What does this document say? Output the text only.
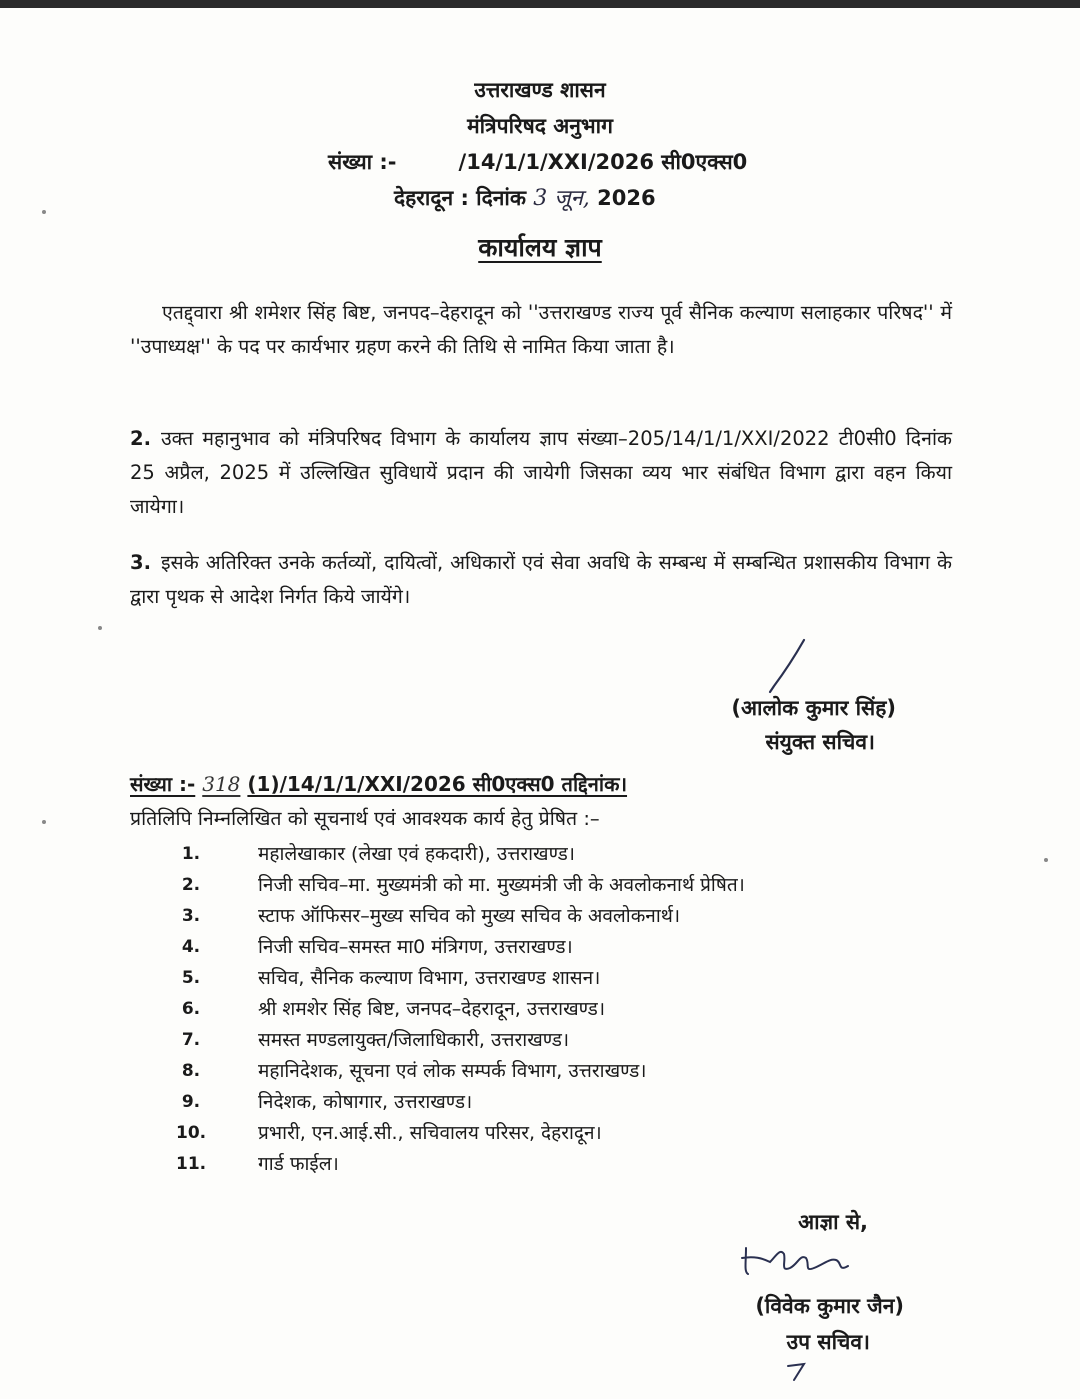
उत्तराखण्ड शासन
मंत्रिपरिषद अनुभाग
संख्या :-	/14/1/1/XXI/2026 सी0एक्स0
देहरादून : दिनांक 3 जून, 2026
कार्यालय ज्ञाप
एतद्द्वारा श्री शमेशर सिंह बिष्ट, जनपद–देहरादून को ''उत्तराखण्ड राज्य पूर्व सैनिक कल्याण सलाहकार परिषद'' में ''उपाध्यक्ष'' के पद पर कार्यभार ग्रहण करने की तिथि से नामित किया जाता है।
2. उक्त महानुभाव को मंत्रिपरिषद विभाग के कार्यालय ज्ञाप संख्या–205/14/1/1/XXI/2022 टी0सी0 दिनांक 25 अप्रैल, 2025 में उल्लिखित सुविधायें प्रदान की जायेगी जिसका व्यय भार संबंधित विभाग द्वारा वहन किया जायेगा।
3. इसके अतिरिक्त उनके कर्तव्यों, दायित्वों, अधिकारों एवं सेवा अवधि के सम्बन्ध में सम्बन्धित प्रशासकीय विभाग के द्वारा पृथक से आदेश निर्गत किये जायेंगे।
(आलोक कुमार सिंह)
संयुक्त सचिव।
संख्या :- 318 (1)/14/1/1/XXI/2026 सी0एक्स0 तद्दिनांक।
प्रतिलिपि निम्नलिखित को सूचनार्थ एवं आवश्यक कार्य हेतु प्रेषित :–
1.	महालेखाकार (लेखा एवं हकदारी), उत्तराखण्ड।
2.	निजी सचिव–मा. मुख्यमंत्री को मा. मुख्यमंत्री जी के अवलोकनार्थ प्रेषित।
3.	स्टाफ ऑफिसर–मुख्य सचिव को मुख्य सचिव के अवलोकनार्थ।
4.	निजी सचिव–समस्त मा0 मंत्रिगण, उत्तराखण्ड।
5.	सचिव, सैनिक कल्याण विभाग, उत्तराखण्ड शासन।
6.	श्री शमशेर सिंह बिष्ट, जनपद–देहरादून, उत्तराखण्ड।
7.	समस्त मण्डलायुक्त/जिलाधिकारी, उत्तराखण्ड।
8.	महानिदेशक, सूचना एवं लोक सम्पर्क विभाग, उत्तराखण्ड।
9.	निदेशक, कोषागार, उत्तराखण्ड।
10.	प्रभारी, एन.आई.सी., सचिवालय परिसर, देहरादून।
11.	गार्ड फाईल।
आज्ञा से,
(विवेक कुमार जैन)
उप सचिव।
